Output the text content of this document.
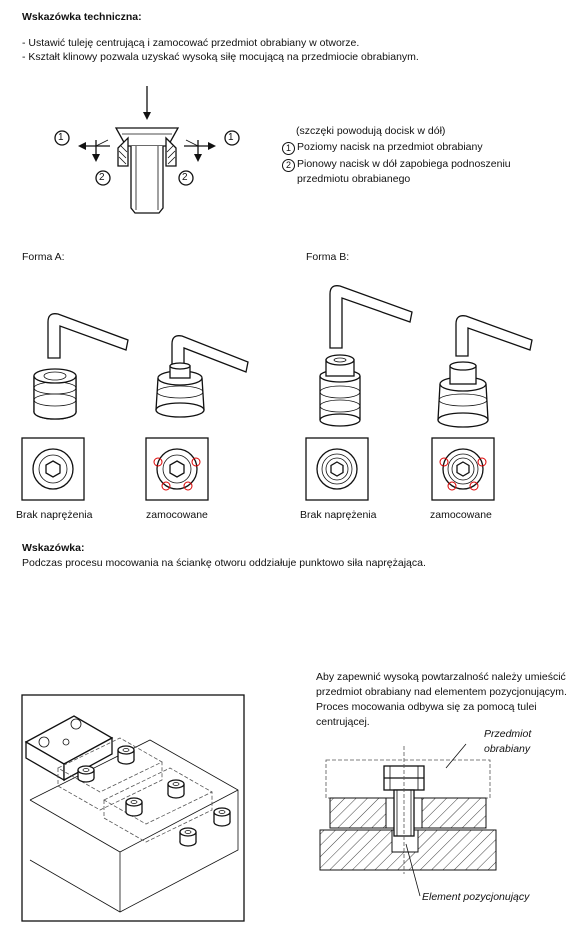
Wskazówka techniczna:
- Ustawić tuleję centrującą i zamocować przedmiot obrabiany w otworze.
- Kształt klinowy pozwala uzyskać wysoką siłę mocującą na przedmiocie obrabianym.
1
2	2
1
(szczęki powodują docisk w dół)
1 Poziomy nacisk na przedmiot obrabiany
2 Pionowy nacisk w dół zapobiega podnoszeniu
przedmiotu obrabianego
Forma A:	Forma B:
Brak naprężenia	zamocowane	Brak naprężenia	zamocowane
Wskazówka:
Podczas procesu mocowania na ściankę otworu oddziałuje punktowo siła naprężająca.
Aby zapewnić wysoką powtarzalność należy umieścić
przedmiot obrabiany nad elementem pozycjonującym.
Proces mocowania odbywa się za pomocą tulei
centrującej.
Przedmiot
obrabiany
Element pozycjonujący
